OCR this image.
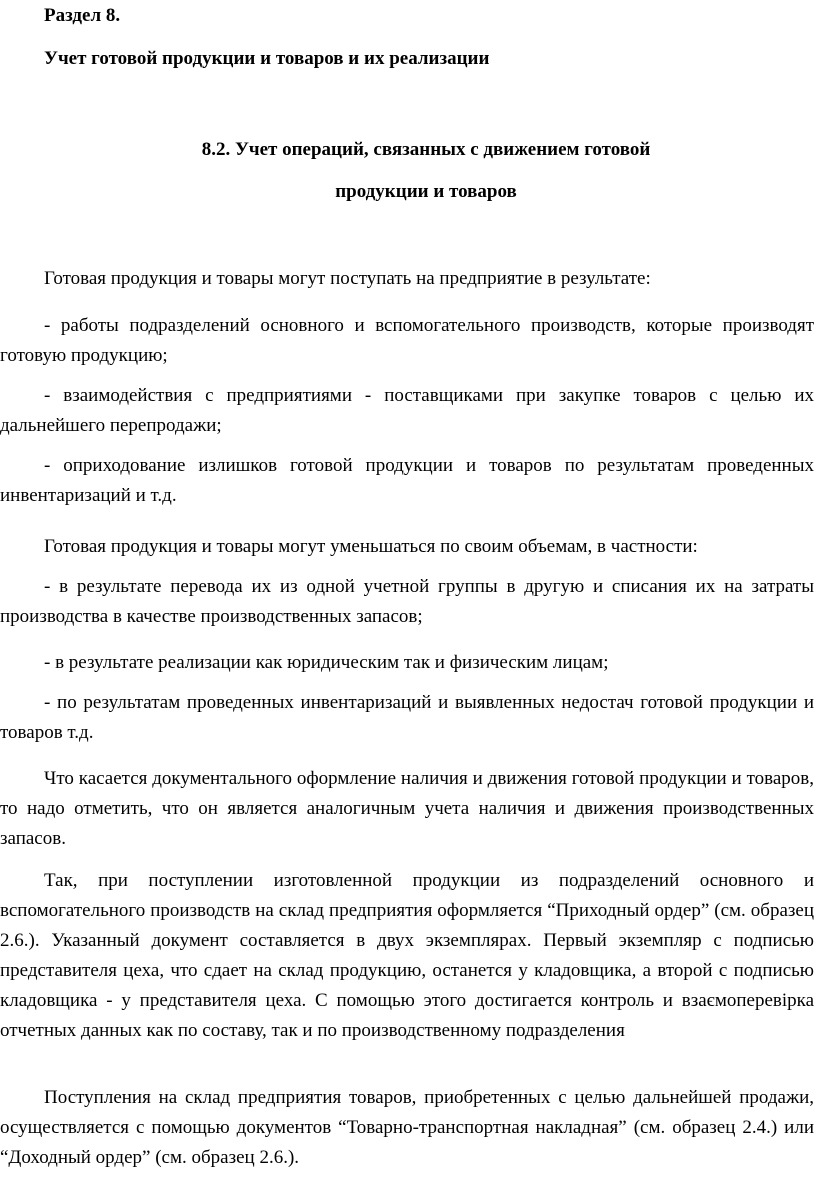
Раздел 8.
Учет готовой продукции и товаров и их реализации
8.2. Учет операций, связанных с движением готовой
продукции и товаров

Готовая продукция и товары могут поступать на предприятие в результате:

- работы подразделений основного и вспомогательного производств, которые производят готовую продукцию;

- взаимодействия с предприятиями - поставщиками при закупке товаров с целью их дальнейшего перепродажи;

- оприходование излишков готовой продукции и товаров по результатам проведенных инвентаризаций и т.д.

Готовая продукция и товары могут уменьшаться по своим объемам, в частности:

- в результате перевода их из одной учетной группы в другую и списания их на затраты производства в качестве производственных запасов;

- в результате реализации как юридическим так и физическим лицам;

- по результатам проведенных инвентаризаций и выявленных недостач готовой продукции и товаров т.д.

Что касается документального оформление наличия и движения готовой продукции и товаров, то надо отметить, что он является аналогичным учета наличия и движения производственных запасов.

Так, при поступлении изготовленной продукции из подразделений основного и вспомогательного производств на склад предприятия оформляется “Приходный ордер” (см. образец 2.6.). Указанный документ составляется в двух экземплярах. Первый экземпляр с подписью представителя цеха, что сдает на склад продукцию, останется у кладовщика, а второй с подписью кладовщика - у представителя цеха. С помощью этого достигается контроль и взаємоперевірка отчетных данных как по составу, так и по производственному подразделения

Поступления на склад предприятия товаров, приобретенных с целью дальнейшей продажи, осуществляется с помощью документов “Товарно-транспортная накладная” (см. образец 2.4.) или “Доходный ордер” (см. образец 2.6.).
